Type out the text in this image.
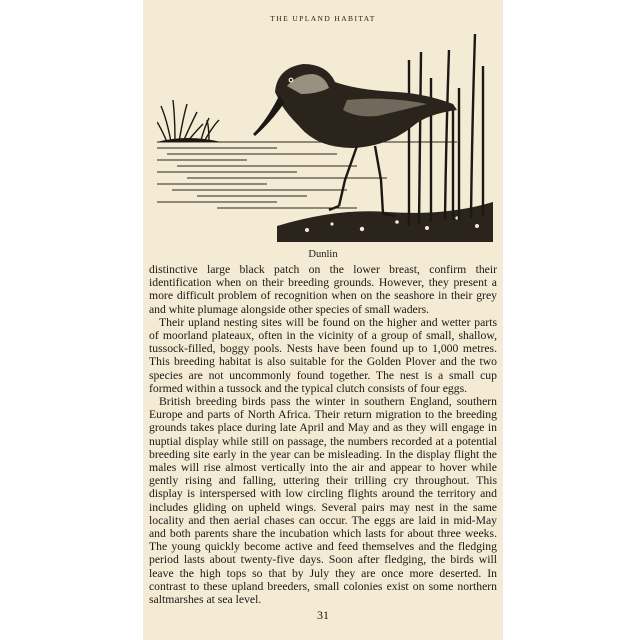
THE UPLAND HABITAT
Dunlin

distinctive large black patch on the lower breast, confirm their identification when on their breeding grounds. However, they present a more difficult problem of recognition when on the seashore in their grey and white plumage alongside other species of small waders.

Their upland nesting sites will be found on the higher and wetter parts of moorland plateaux, often in the vicinity of a group of small, shallow, tussock-filled, boggy pools. Nests have been found up to 1,000 metres. This breeding habitat is also suitable for the Golden Plover and the two species are not uncommonly found together. The nest is a small cup formed within a tussock and the typical clutch consists of four eggs.

British breeding birds pass the winter in southern England, southern Europe and parts of North Africa. Their return migration to the breeding grounds takes place during late April and May and as they will engage in nuptial display while still on passage, the numbers recorded at a potential breeding site early in the year can be misleading. In the display flight the males will rise almost vertically into the air and appear to hover while gently rising and falling, uttering their trilling cry throughout. This display is interspersed with low circling flights around the territory and includes gliding on upheld wings. Several pairs may nest in the same locality and then aerial chases can occur. The eggs are laid in mid-May and both parents share the incubation which lasts for about three weeks. The young quickly become active and feed themselves and the fledging period lasts about twenty-five days. Soon after fledging, the birds will leave the high tops so that by July they are once more deserted. In contrast to these upland breeders, small colonies exist on some northern saltmarshes at sea level.

31
